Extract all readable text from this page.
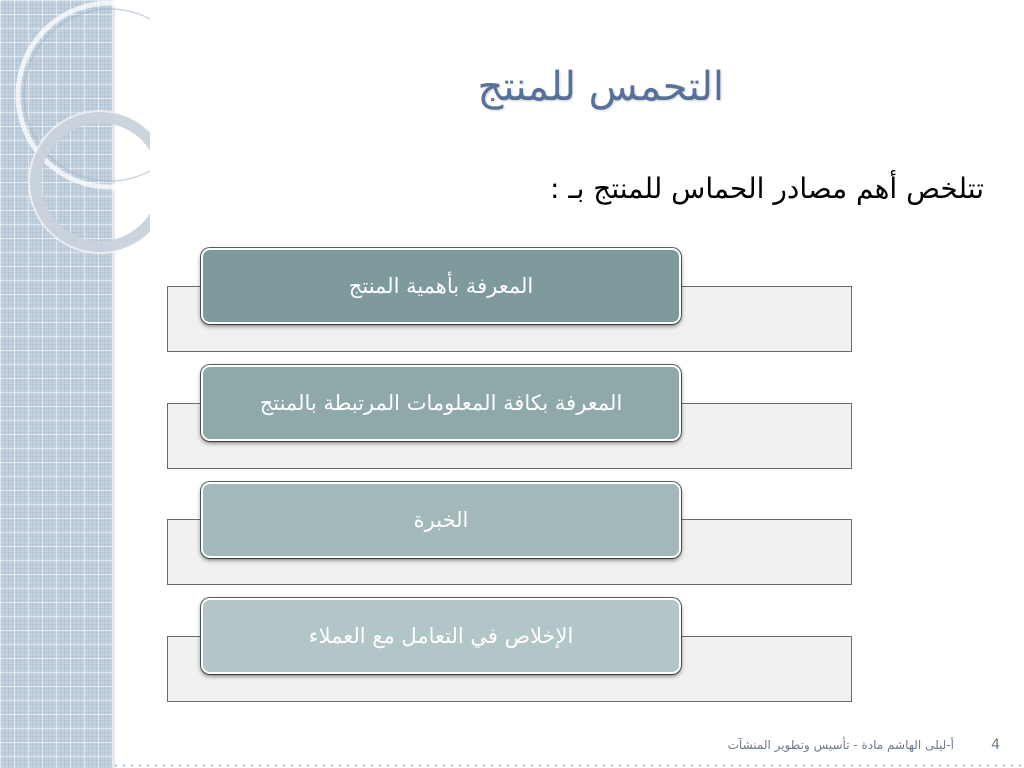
التحمس للمنتج
تتلخص أهم مصادر الحماس للمنتج بـ :
المعرفة بأهمية المنتج
المعرفة بكافة المعلومات المرتبطة بالمنتج
الخبرة
الإخلاص في التعامل مع العملاء
أ-ليلى الهاشم مادة - تأسيس وتطوير المنشآت	4
